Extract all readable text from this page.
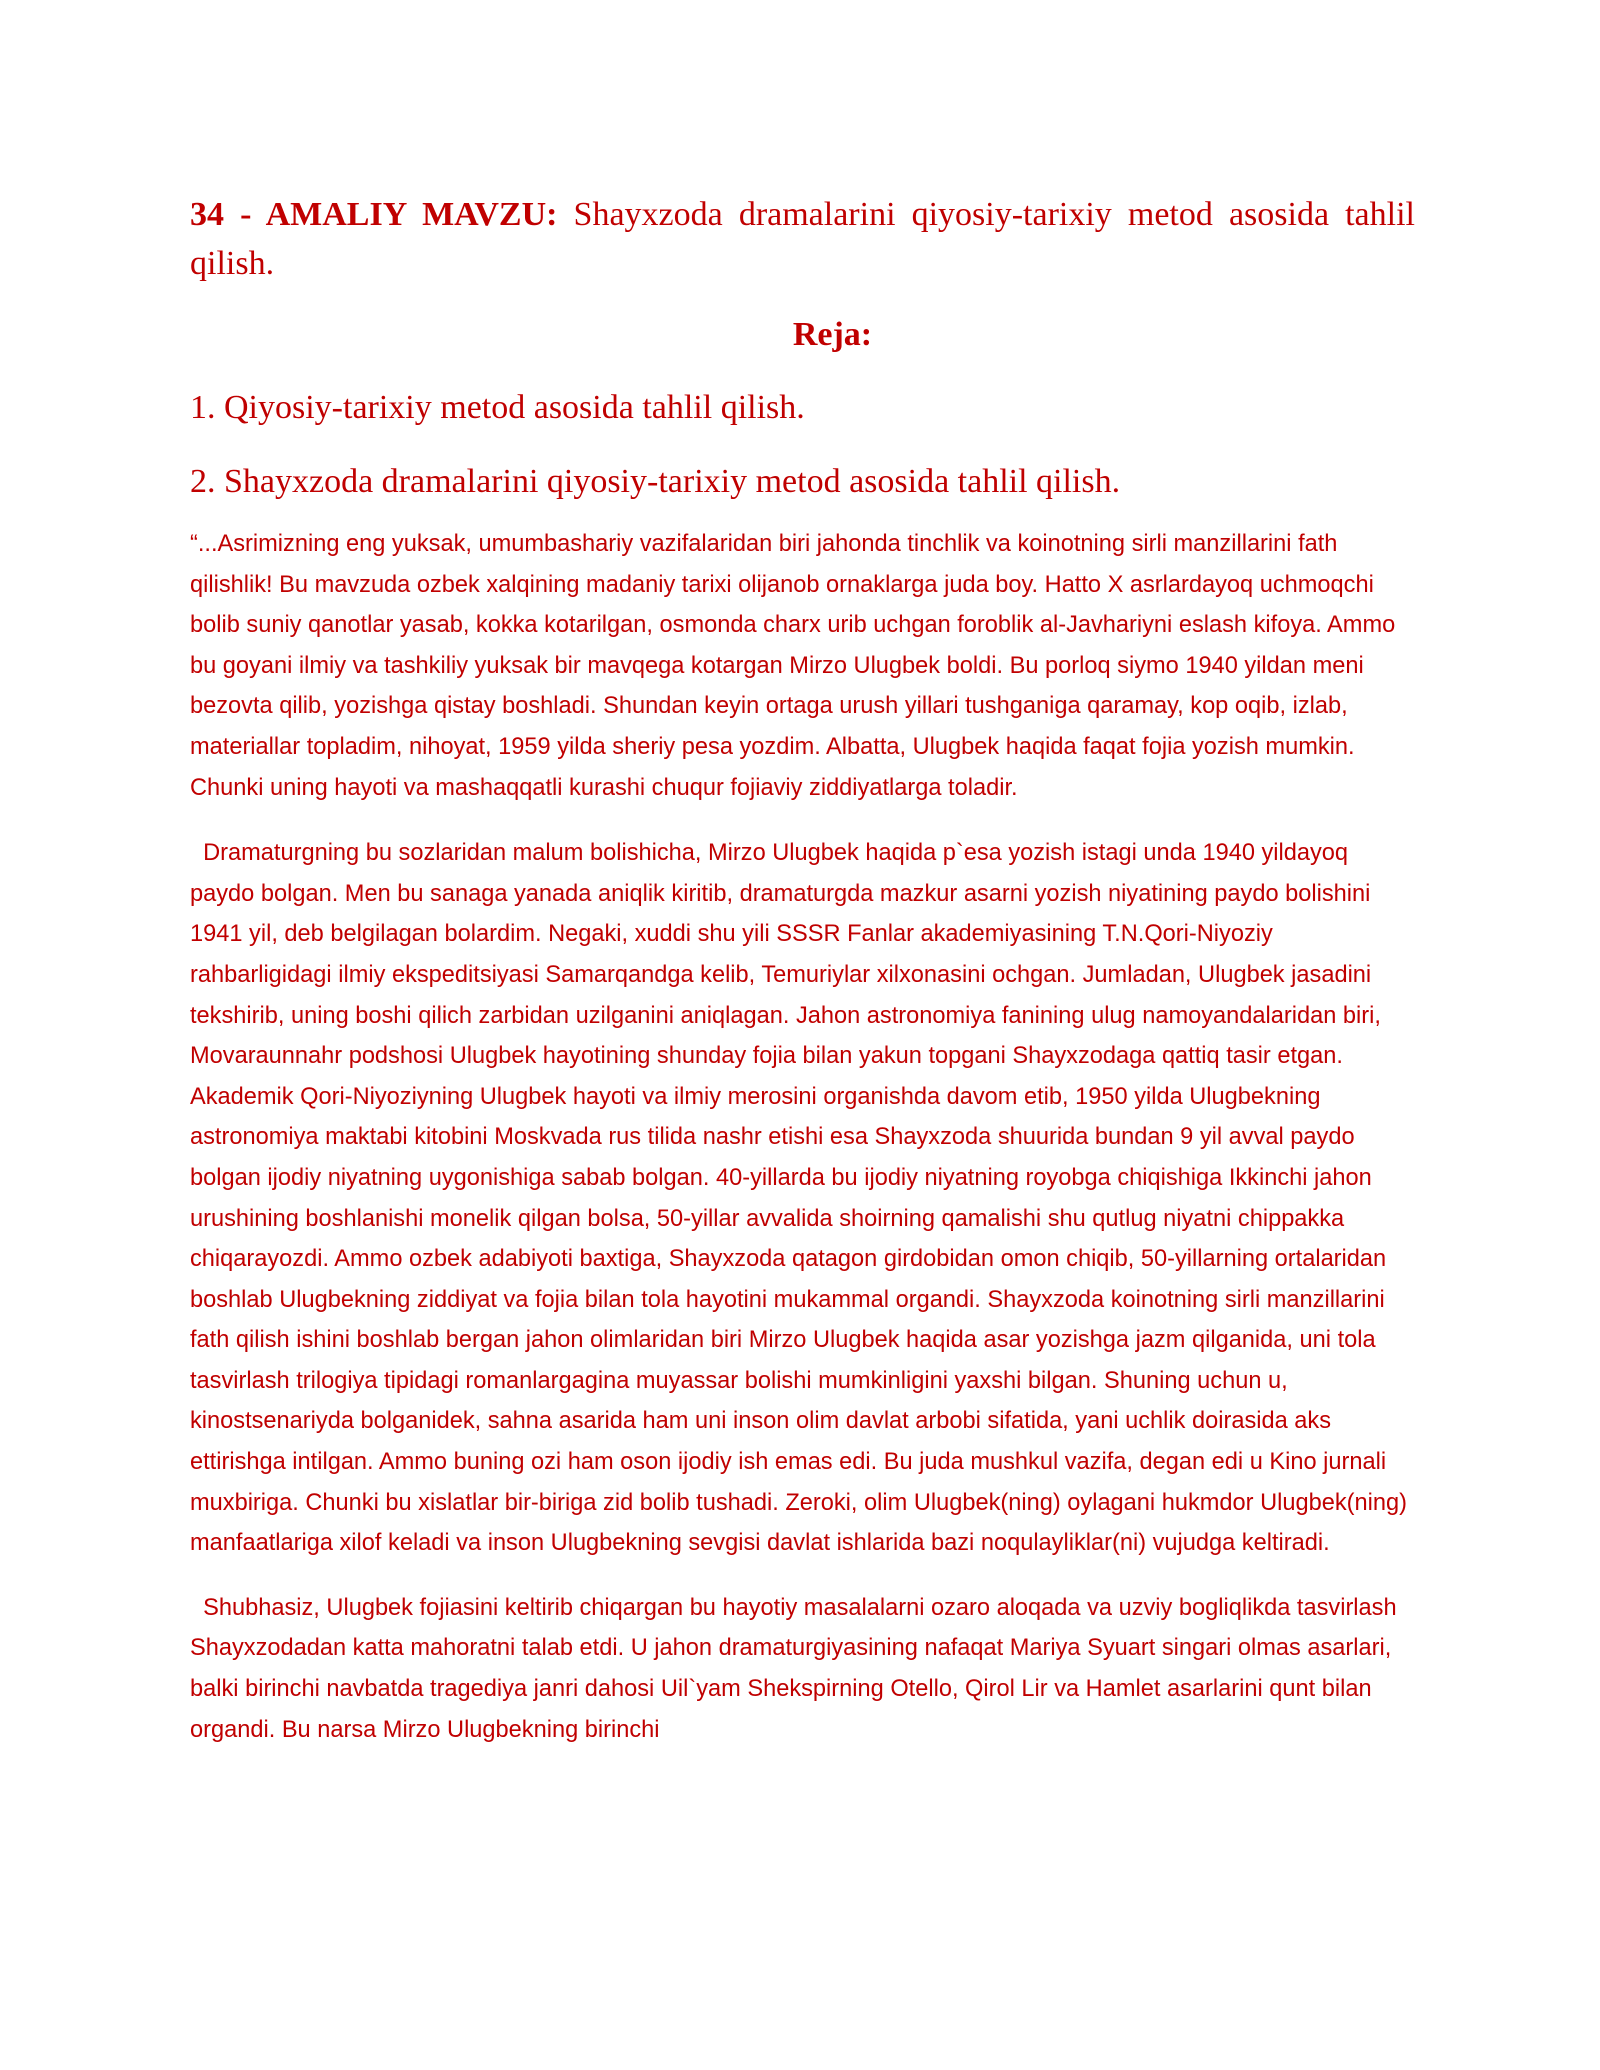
34 - AMALIY MAVZU: Shayxzoda dramalarini qiyosiy-tarixiy metod asosida tahlil qilish.

Reja:

1. Qiyosiy-tarixiy metod asosida tahlil qilish.

2. Shayxzoda dramalarini qiyosiy-tarixiy metod asosida tahlil qilish.

“...Asrimizning eng yuksak, umumbashariy vazifalaridan biri jahonda tinchlik va koinotning sirli manzillarini fath qilishlik! Bu mavzuda ozbek xalqining madaniy tarixi olijanob ornaklarga juda boy. Hatto X asrlardayoq uchmoqchi bolib suniy qanotlar yasab, kokka kotarilgan, osmonda charx urib uchgan foroblik al-Javhariyni eslash kifoya. Ammo bu goyani ilmiy va tashkiliy yuksak bir mavqega kotargan Mirzo Ulugbek boldi. Bu porloq siymo 1940 yildan meni bezovta qilib, yozishga qistay boshladi. Shundan keyin ortaga urush yillari tushganiga qaramay, kop oqib, izlab, materiallar topladim, nihoyat, 1959 yilda sheriy pesa yozdim. Albatta, Ulugbek haqida faqat fojia yozish mumkin. Chunki uning hayoti va mashaqqatli kurashi chuqur fojiaviy ziddiyatlarga toladir.

Dramaturgning bu sozlaridan malum bolishicha, Mirzo Ulugbek haqida p`esa yozish istagi unda 1940 yildayoq paydo bolgan. Men bu sanaga yanada aniqlik kiritib, dramaturgda mazkur asarni yozish niyatining paydo bolishini 1941 yil, deb belgilagan bolardim. Negaki, xuddi shu yili SSSR Fanlar akademiyasining T.N.Qori-Niyoziy rahbarligidagi ilmiy ekspeditsiyasi Samarqandga kelib, Temuriylar xilxonasini ochgan. Jumladan, Ulugbek jasadini tekshirib, uning boshi qilich zarbidan uzilganini aniqlagan. Jahon astronomiya fanining ulug namoyandalaridan biri, Movaraunnahr podshosi Ulugbek hayotining shunday fojia bilan yakun topgani Shayxzodaga qattiq tasir etgan. Akademik Qori-Niyoziyning Ulugbek hayoti va ilmiy merosini organishda davom etib, 1950 yilda Ulugbekning astronomiya maktabi kitobini Moskvada rus tilida nashr etishi esa Shayxzoda shuurida bundan 9 yil avval paydo bolgan ijodiy niyatning uygonishiga sabab bolgan. 40-yillarda bu ijodiy niyatning royobga chiqishiga Ikkinchi jahon urushining boshlanishi monelik qilgan bolsa, 50-yillar avvalida shoirning qamalishi shu qutlug niyatni chippakka chiqarayozdi. Ammo ozbek adabiyoti baxtiga, Shayxzoda qatagon girdobidan omon chiqib, 50-yillarning ortalaridan boshlab Ulugbekning ziddiyat va fojia bilan tola hayotini mukammal organdi. Shayxzoda koinotning sirli manzillarini fath qilish ishini boshlab bergan jahon olimlaridan biri Mirzo Ulugbek haqida asar yozishga jazm qilganida, uni tola tasvirlash trilogiya tipidagi romanlargagina muyassar bolishi mumkinligini yaxshi bilgan. Shuning uchun u, kinostsenariyda bolganidek, sahna asarida ham uni inson olim davlat arbobi sifatida, yani uchlik doirasida aks ettirishga intilgan. Ammo buning ozi ham oson ijodiy ish emas edi. Bu juda mushkul vazifa, degan edi u Kino jurnali muxbiriga. Chunki bu xislatlar bir-biriga zid bolib tushadi. Zeroki, olim Ulugbek(ning) oylagani hukmdor Ulugbek(ning) manfaatlariga xilof keladi va inson Ulugbekning sevgisi davlat ishlarida bazi noqulayliklar(ni) vujudga keltiradi.

Shubhasiz, Ulugbek fojiasini keltirib chiqargan bu hayotiy masalalarni ozaro aloqada va uzviy bogliqlikda tasvirlash Shayxzodadan katta mahoratni talab etdi. U jahon dramaturgiyasining nafaqat Mariya Syuart singari olmas asarlari, balki birinchi navbatda tragediya janri dahosi Uil`yam Shekspirning Otello, Qirol Lir va Hamlet asarlarini qunt bilan organdi. Bu narsa Mirzo Ulugbekning birinchi
